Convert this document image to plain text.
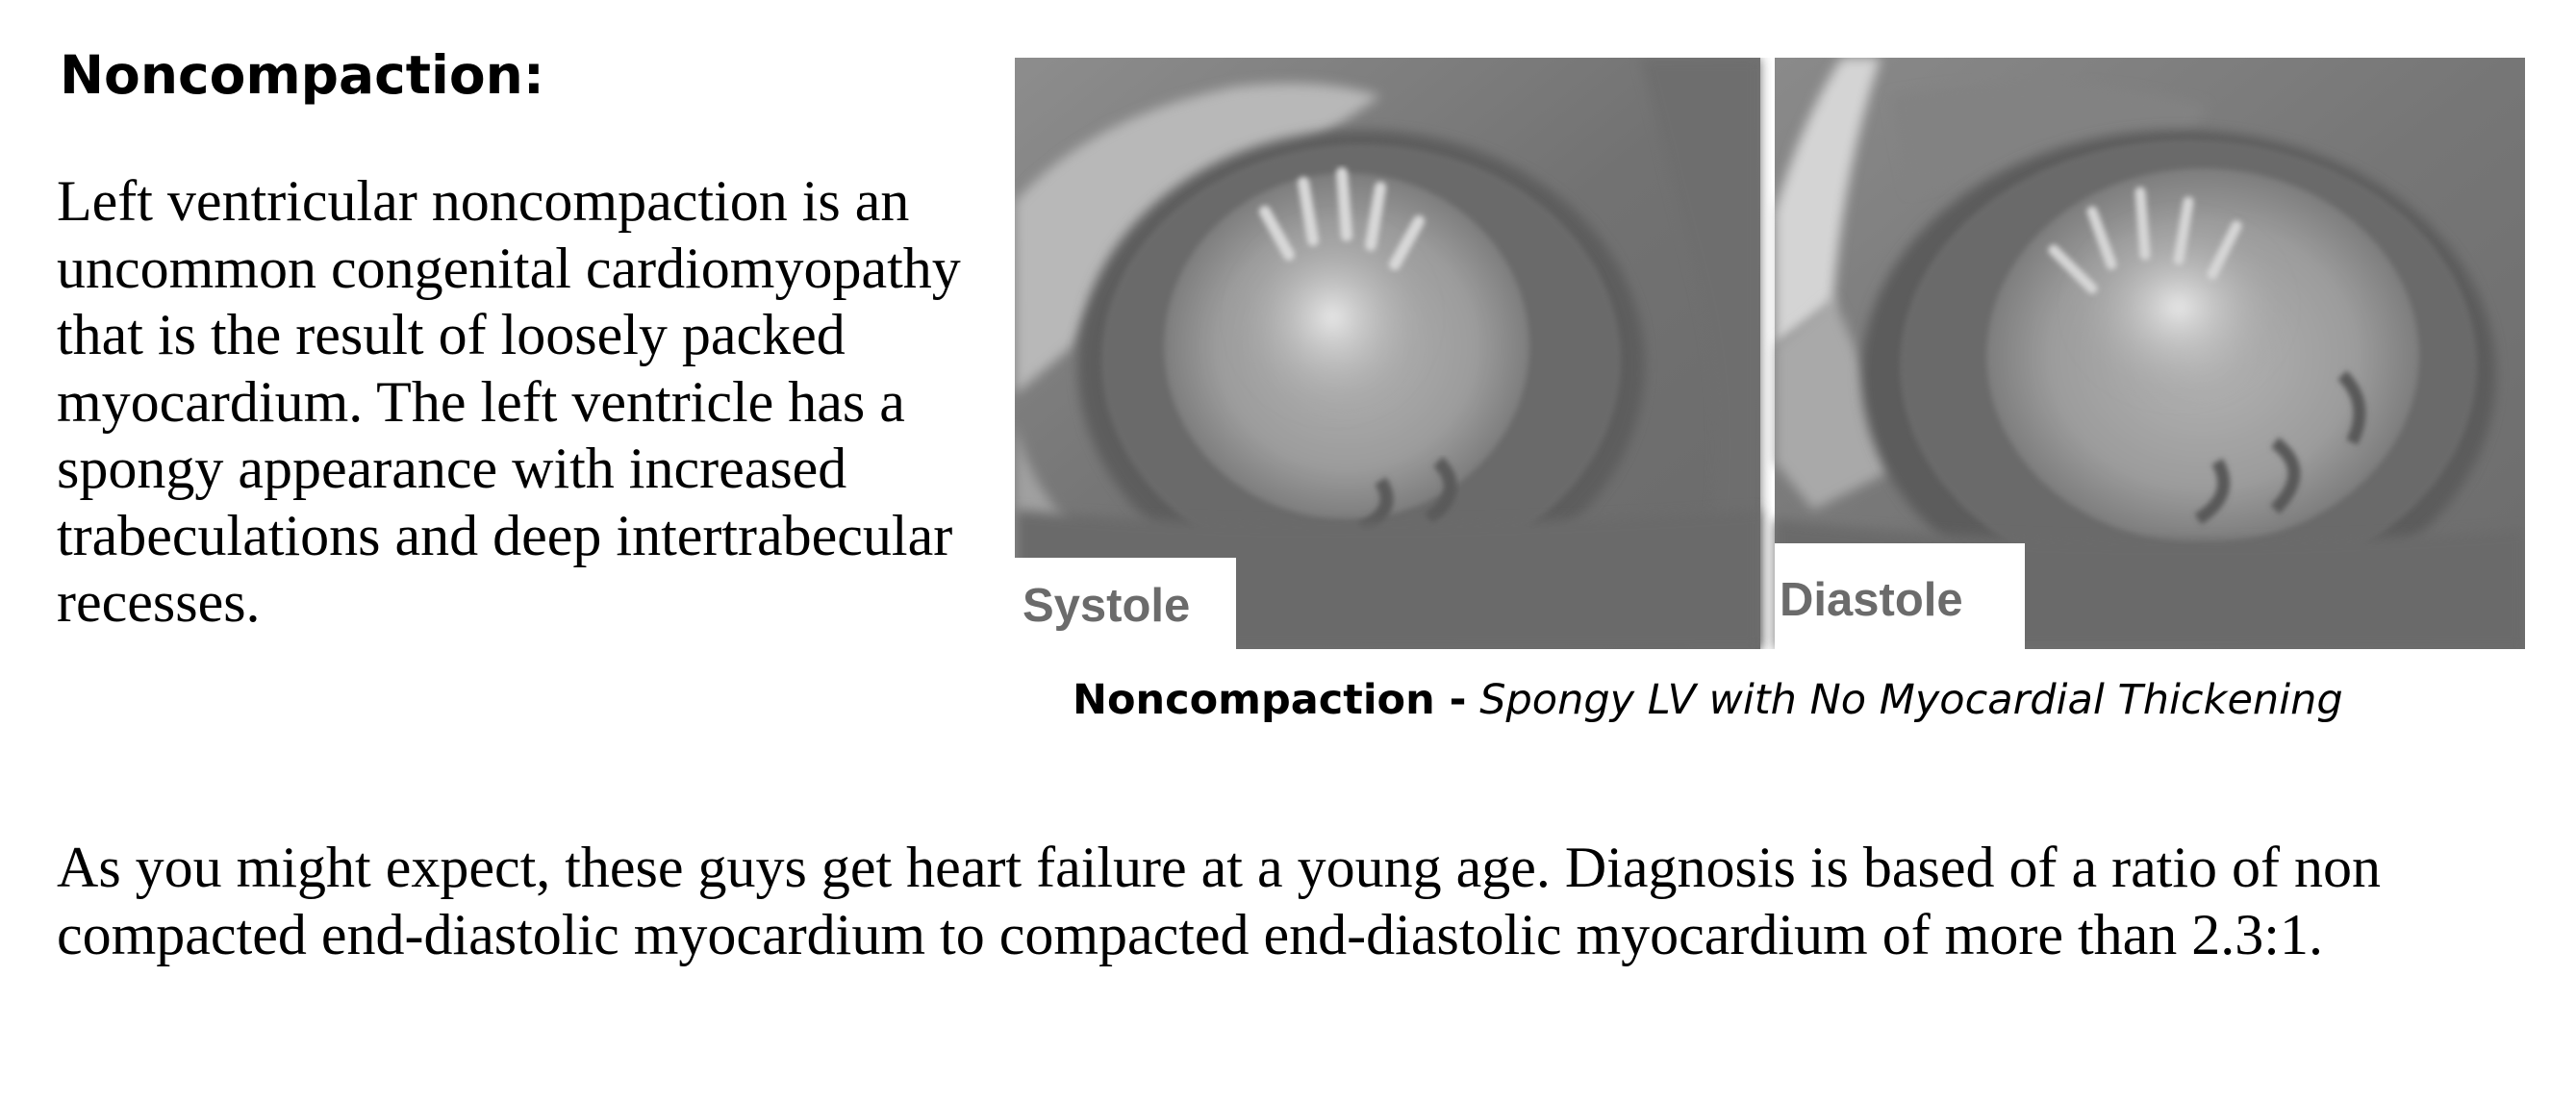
Noncompaction:

Left ventricular noncompaction is an uncommon congenital cardiomyopathy that is the result of loosely packed myocardium. The left ventricle has a spongy appearance with increased trabeculations and deep intertrabecular recesses.	Systole	Diastole
Noncompaction - Spongy LV with No Myocardial Thickening

As you might expect, these guys get heart failure at a young age. Diagnosis is based of a ratio of non compacted end-diastolic myocardium to compacted end-diastolic myocardium of more than 2.3:1.
